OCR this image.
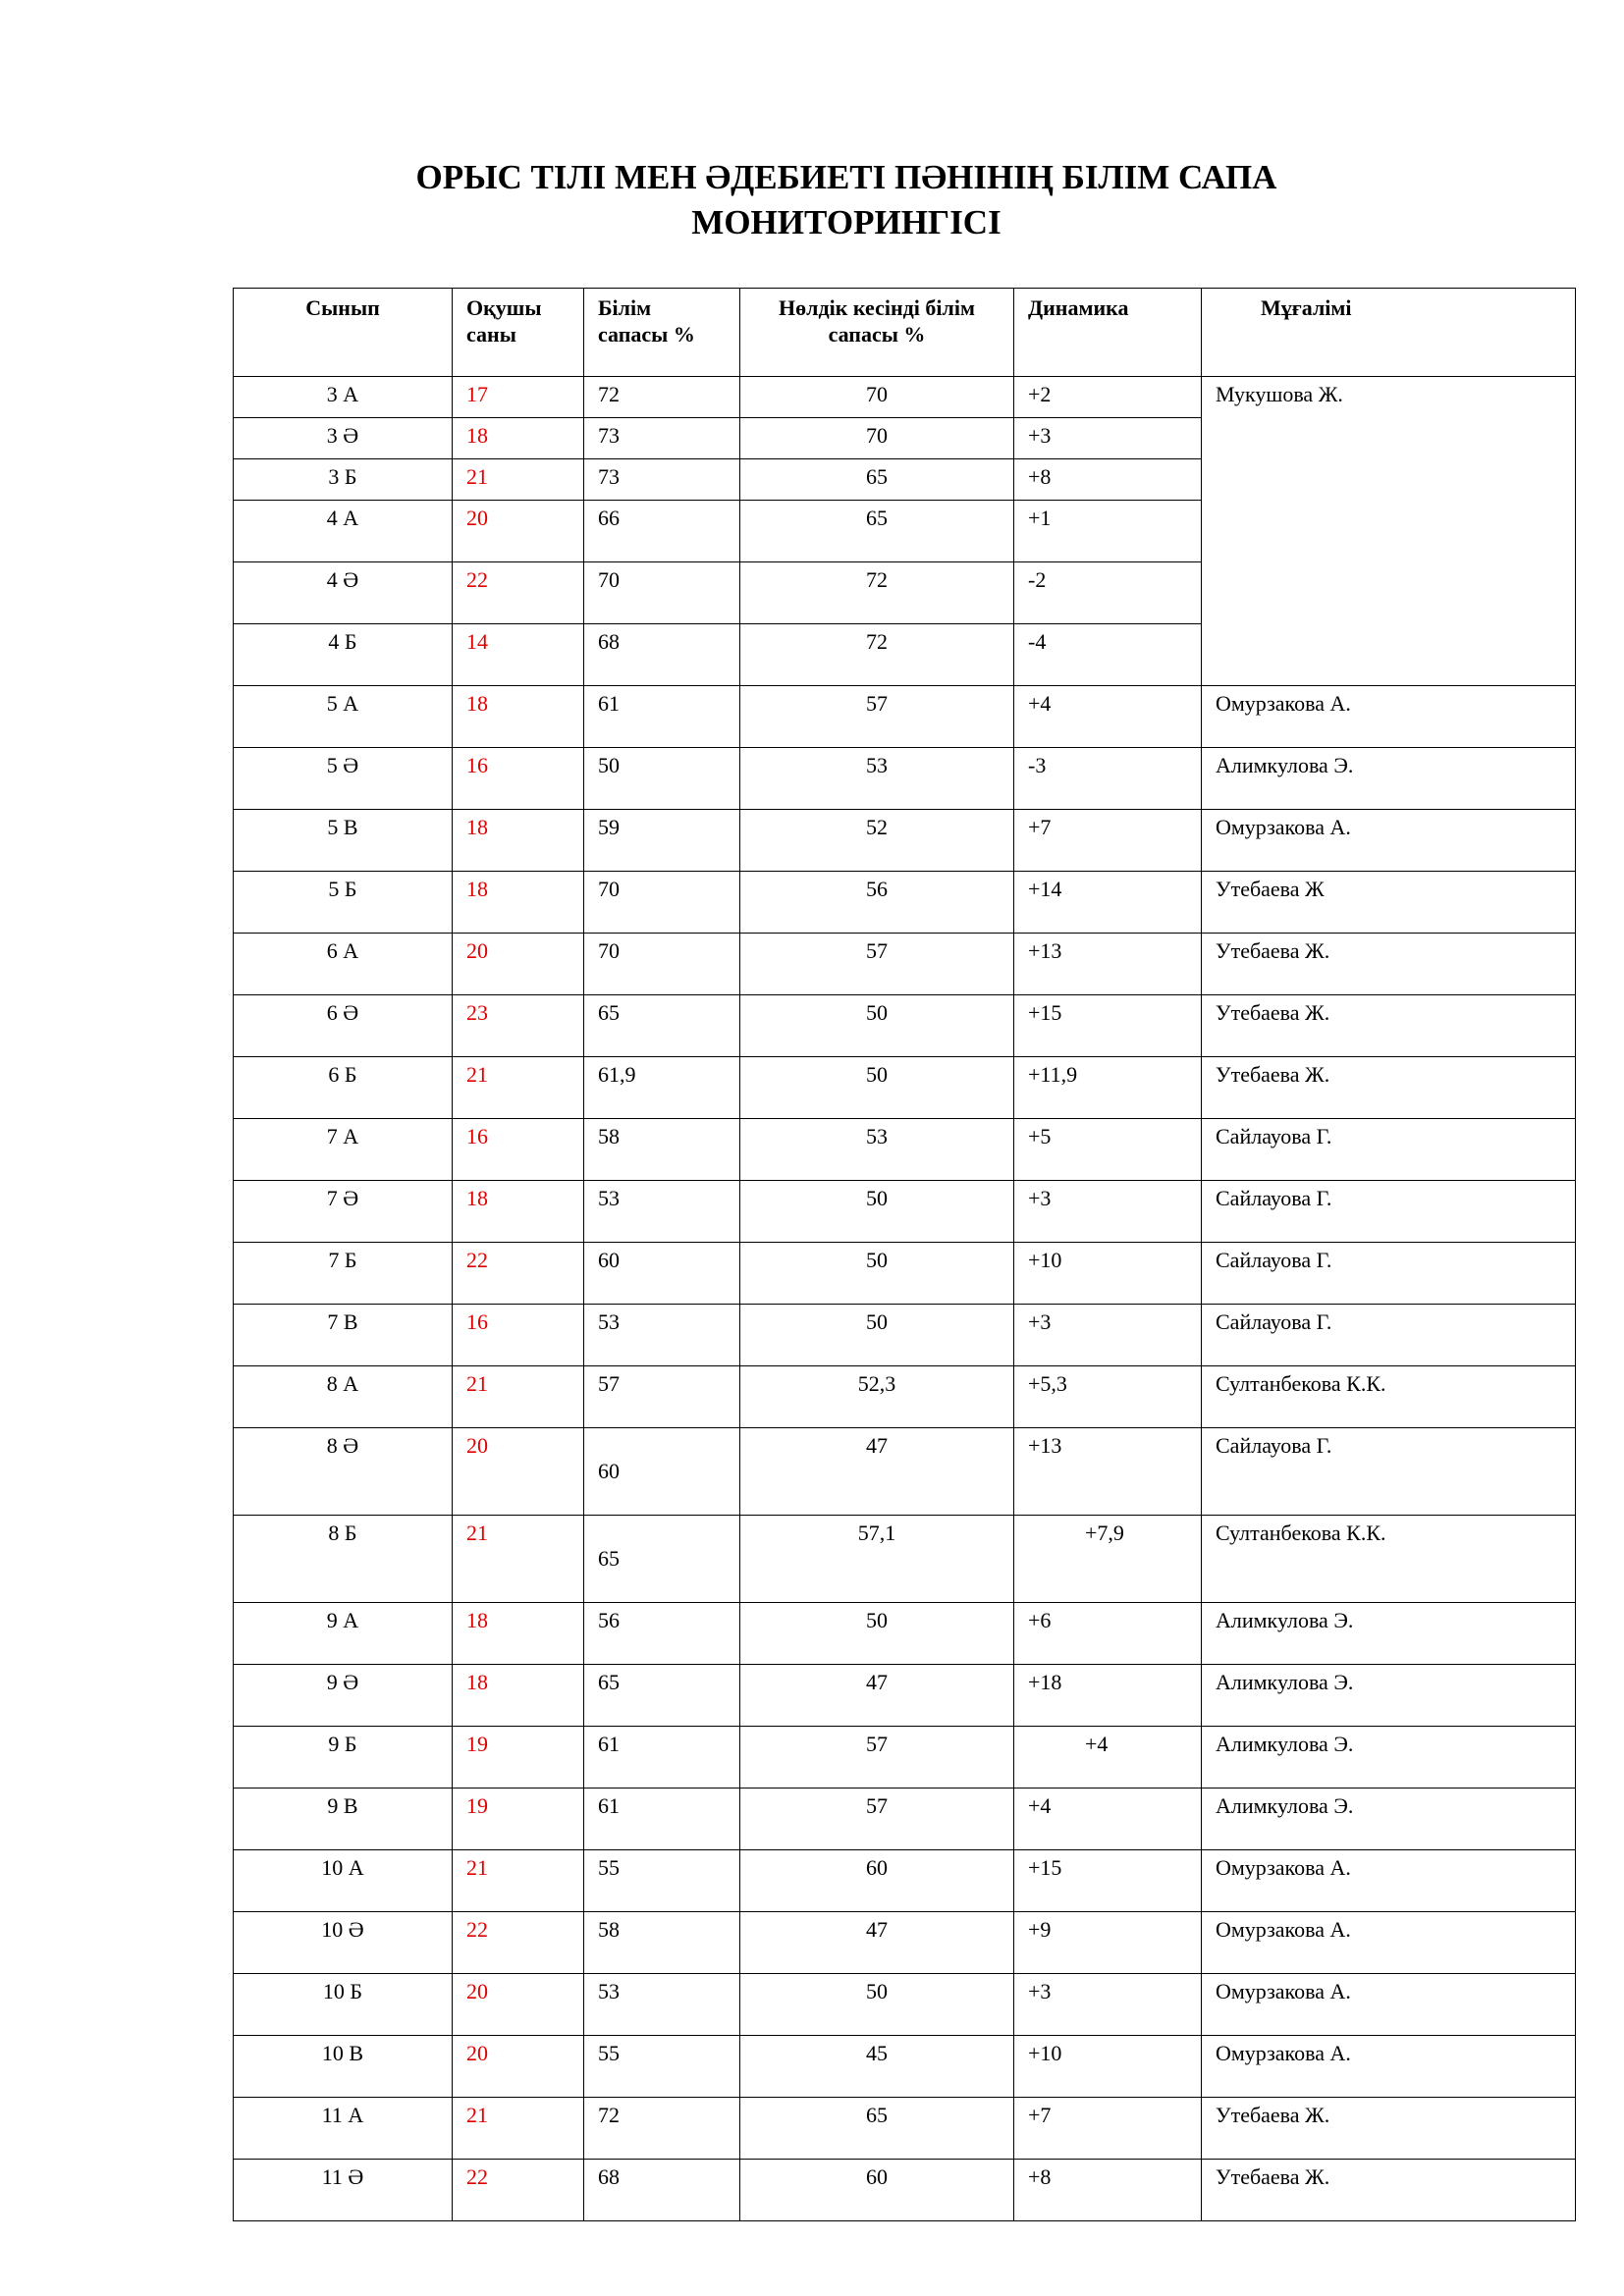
ОРЫС ТІЛІ МЕН ӘДЕБИЕТІ ПӘНІНІҢ БІЛІМ САПА
МОНИТОРИНГІСІ
Сынып	Оқушы саны	Білім сапасы %	Нөлдік кесінді білім сапасы %	Динамика	Мұғалімі
3 А	17	72	70	+2	Мукушова Ж.
3 Ә	18	73	70	+3	
3 Б	21	73	65	+8	
4 А	20	66	65	+1	
4 Ә	22	70	72	-2	
4 Б	14	68	72	-4	
5 А	18	61	57	+4	Омурзакова А.
5 Ә	16	50	53	-3	Алимкулова Э.
5 В	18	59	52	+7	Омурзакова А.
5 Б	18	70	56	+14	Утебаева Ж
6 А	20	70	57	+13	Утебаева Ж.
6 Ә	23	65	50	+15	Утебаева Ж.
6 Б	21	61,9	50	+11,9	Утебаева Ж.
7 А	16	58	53	+5	Сайлауова Г.
7 Ә	18	53	50	+3	Сайлауова Г.
7 Б	22	60	50	+10	Сайлауова Г.
7 В	16	53	50	+3	Сайлауова Г.
8 А	21	57	52,3	+5,3	Султанбекова К.К.
8 Ә	20	60	47	+13	Сайлауова Г.
8 Б	21	65	57,1	+7,9	Султанбекова К.К.
9 А	18	56	50	+6	Алимкулова Э.
9 Ә	18	65	47	+18	Алимкулова Э.
9 Б	19	61	57	+4	Алимкулова Э.
9 В	19	61	57	+4	Алимкулова Э.
10 А	21	55	60	+15	Омурзакова А.
10 Ә	22	58	47	+9	Омурзакова А.
10 Б	20	53	50	+3	Омурзакова А.
10 В	20	55	45	+10	Омурзакова А.
11 А	21	72	65	+7	Утебаева Ж.
11 Ә	22	68	60	+8	Утебаева Ж.
